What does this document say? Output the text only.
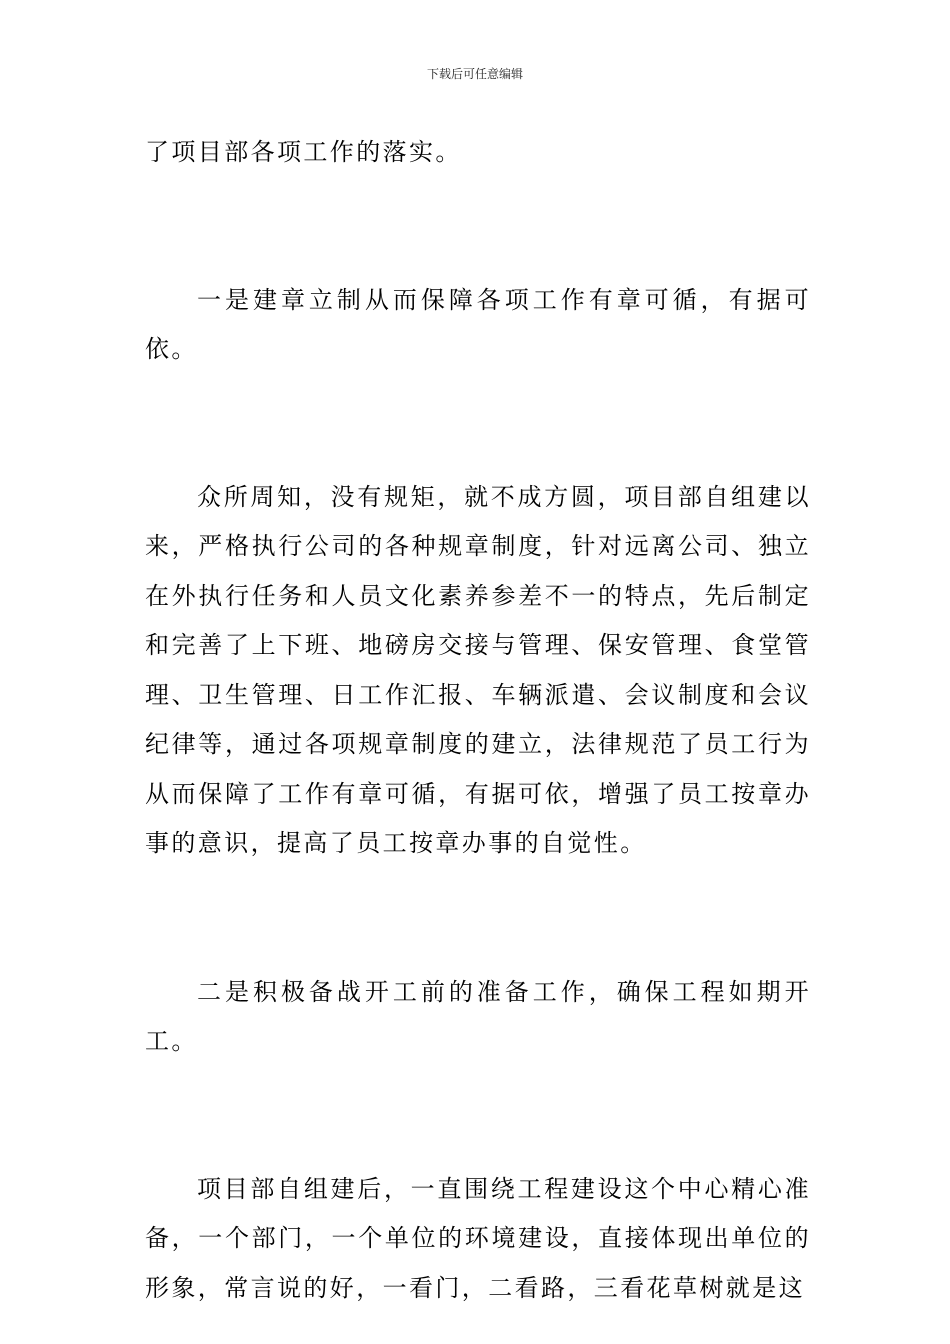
下载后可任意编辑

了项目部各项工作的落实。

一是建章立制从而保障各项工作有章可循，有据可依。

众所周知，没有规矩，就不成方圆，项目部自组建以来，严格执行公司的各种规章制度，针对远离公司、独立在外执行任务和人员文化素养参差不一的特点，先后制定和完善了上下班、地磅房交接与管理、保安管理、食堂管理、卫生管理、日工作汇报、车辆派遣、会议制度和会议纪律等，通过各项规章制度的建立，法律规范了员工行为从而保障了工作有章可循，有据可依，增强了员工按章办事的意识，提高了员工按章办事的自觉性。

二是积极备战开工前的准备工作，确保工程如期开工。

项目部自组建后，一直围绕工程建设这个中心精心准备，一个部门，一个单位的环境建设，直接体现出单位的形象，常言说的好，一看门，二看路，三看花草树就是这
